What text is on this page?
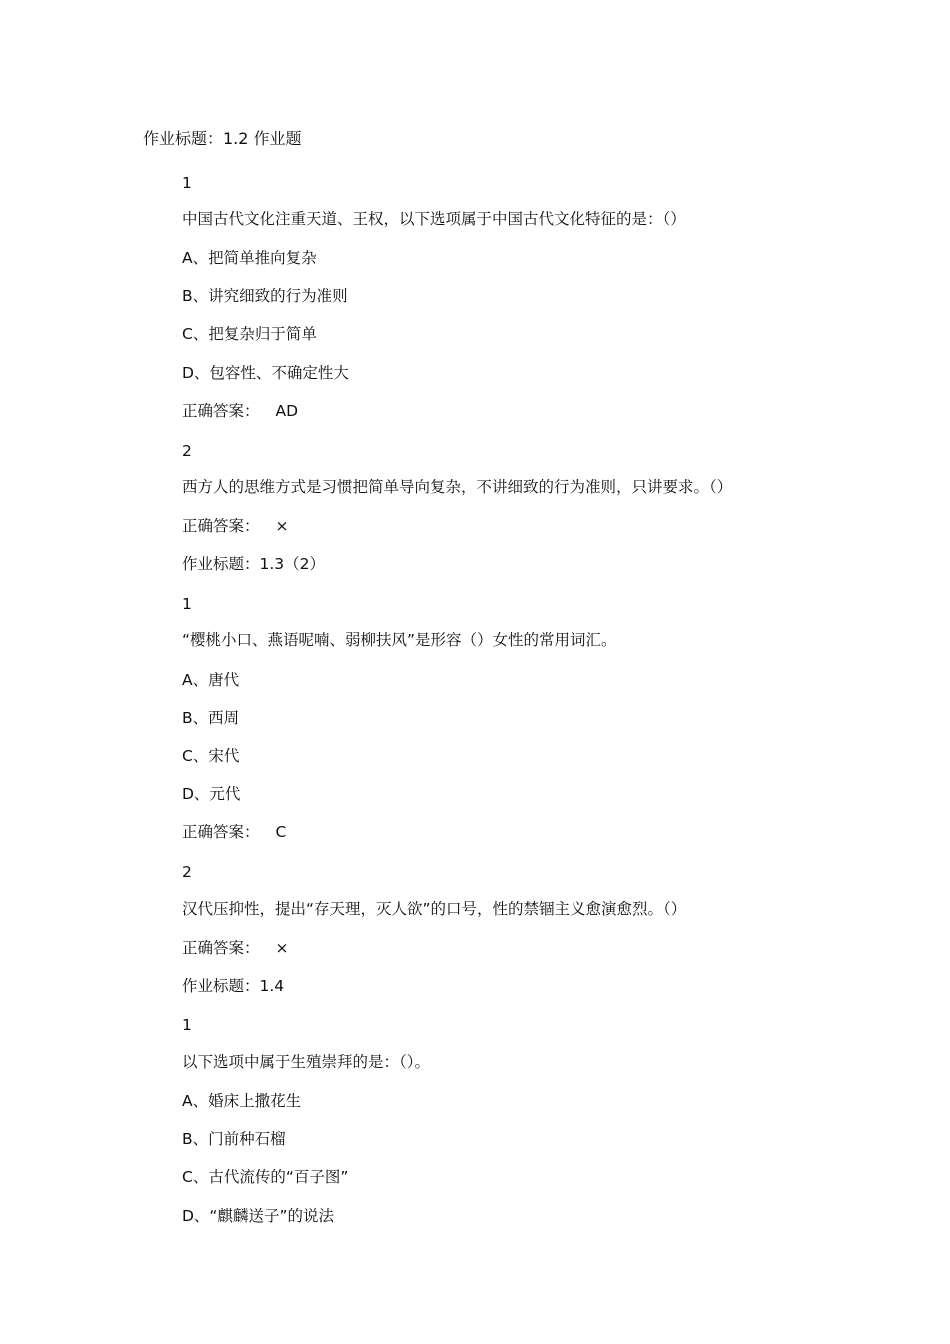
作业标题：1.2 作业题
1
中国古代文化注重天道、王权，以下选项属于中国古代文化特征的是：（）
A、把简单推向复杂
B、讲究细致的行为准则
C、把复杂归于简单
D、包容性、不确定性大
正确答案： AD
2
西方人的思维方式是习惯把简单导向复杂，不讲细致的行为准则，只讲要求。（）
正确答案： ×
作业标题：1.3（2）
1
“樱桃小口、燕语呢喃、弱柳扶风”是形容（）女性的常用词汇。
A、唐代
B、西周
C、宋代
D、元代
正确答案： C
2
汉代压抑性，提出“存天理，灭人欲”的口号，性的禁锢主义愈演愈烈。（）
正确答案： ×
作业标题：1.4
1
以下选项中属于生殖崇拜的是：（）。
A、婚床上撒花生
B、门前种石榴
C、古代流传的“百子图”
D、“麒麟送子”的说法
